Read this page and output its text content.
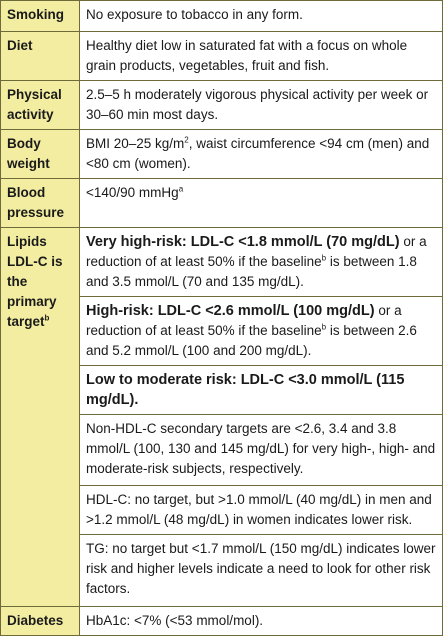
Smoking	No exposure to tobacco in any form.
Diet	Healthy diet low in saturated fat with a focus on whole grain products, vegetables, fruit and fish.
Physical activity	2.5–5 h moderately vigorous physical activity per week or 30–60 min most days.
Body weight	BMI 20–25 $kg/m^2$, waist circumference <94 cm (men) and <80 cm (women).
Blood pressure	<140/90 mmHg$^a$
Lipids LDL-C is the primary target$^b$	Very high-risk: LDL-C <1.8 mmol/L (70 mg/dL) or a reduction of at least 50% if the baseline$^b$ is between 1.8 and 3.5 mmol/L (70 and 135 mg/dL).
	High-risk: LDL-C <2.6 mmol/L (100 mg/dL) or a reduction of at least 50% if the baseline$^b$ is between 2.6 and 5.2 mmol/L (100 and 200 mg/dL).
	Low to moderate risk: LDL-C <3.0 mmol/L (115 mg/dL).
	Non-HDL-C secondary targets are <2.6, 3.4 and 3.8 mmol/L (100, 130 and 145 mg/dL) for very high-, high- and moderate-risk subjects, respectively.
	HDL-C: no target, but >1.0 mmol/L (40 mg/dL) in men and >1.2 mmol/L (48 mg/dL) in women indicates lower risk.
	TG: no target but <1.7 mmol/L (150 mg/dL) indicates lower risk and higher levels indicate a need to look for other risk factors.
Diabetes	HbA1c: <7% (<53 mmol/mol).
